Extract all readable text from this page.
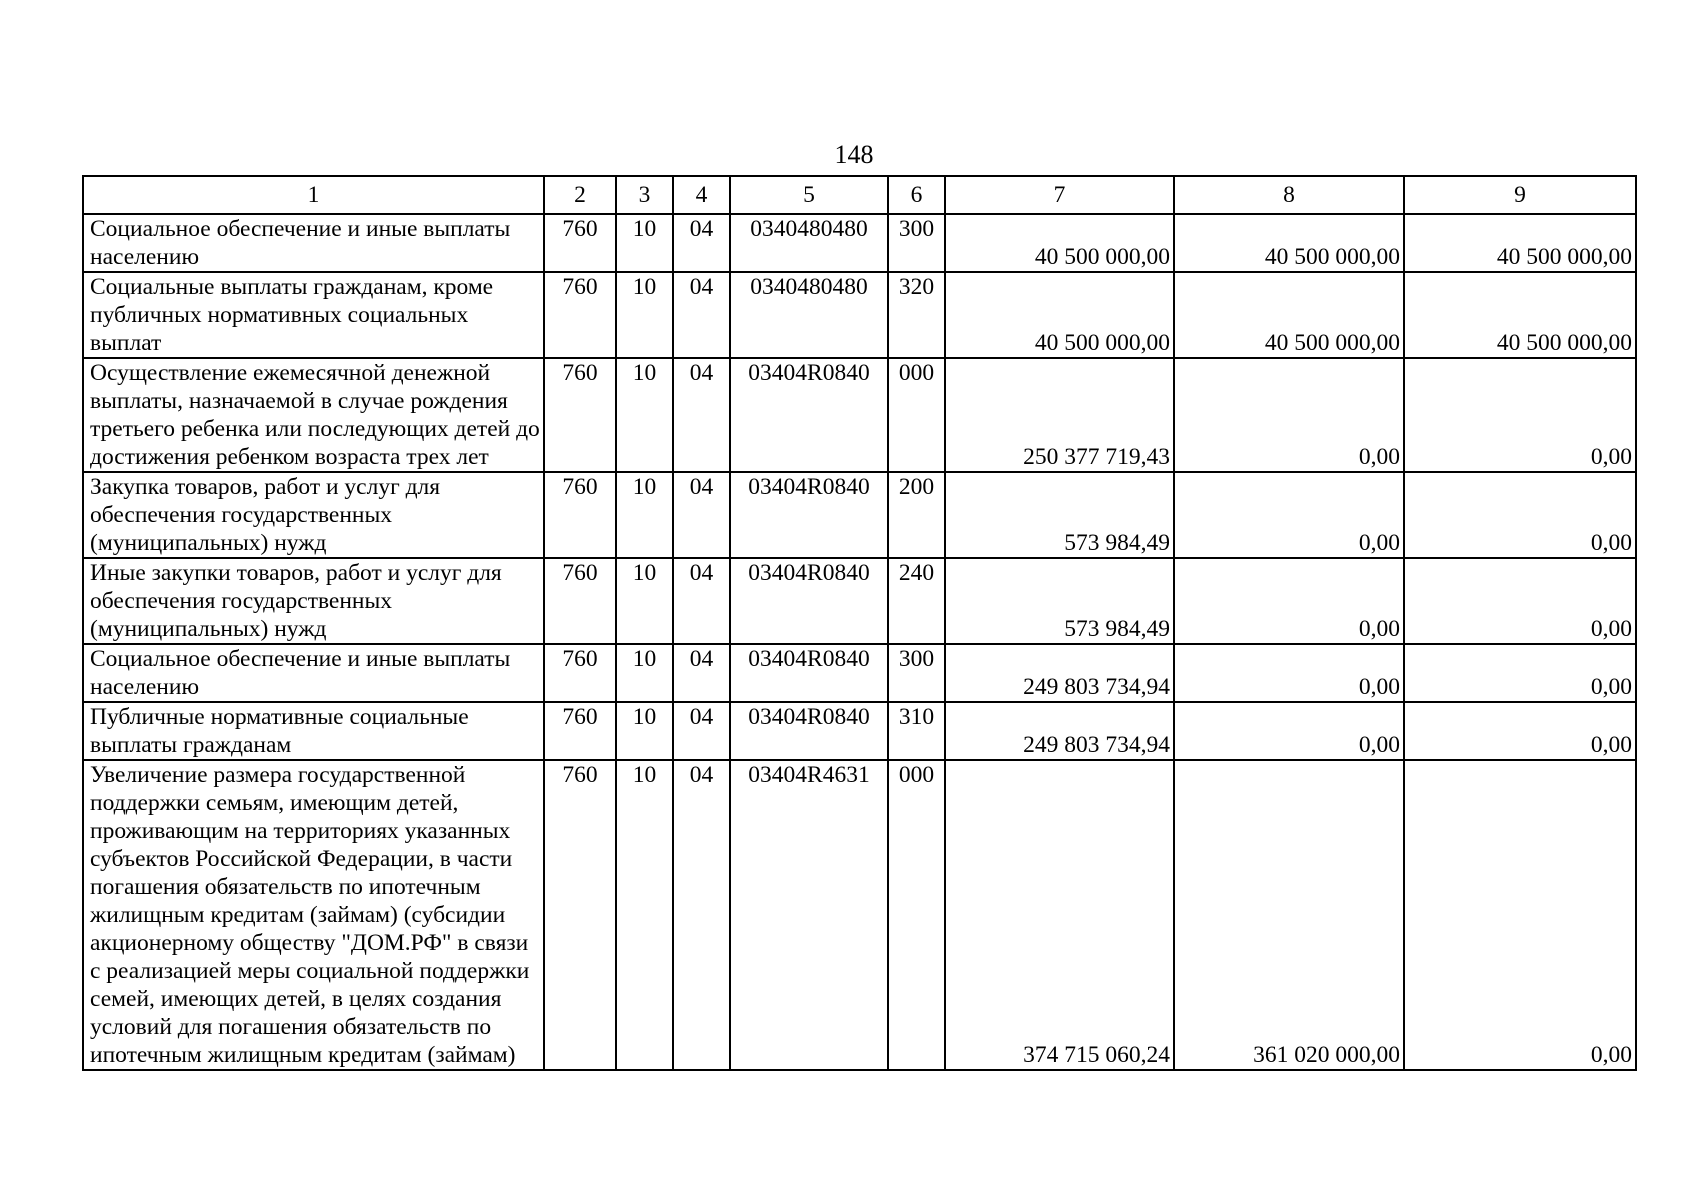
148
1	2	3	4	5	6	7	8	9
Социальное обеспечение и иные выплаты населению	760	10	04	0340480480	300	40 500 000,00	40 500 000,00	40 500 000,00
Социальные выплаты гражданам, кроме публичных нормативных социальных выплат	760	10	04	0340480480	320	40 500 000,00	40 500 000,00	40 500 000,00
Осуществление ежемесячной денежной выплаты, назначаемой в случае рождения третьего ребенка или последующих детей до достижения ребенком возраста трех лет	760	10	04	03404R0840	000	250 377 719,43	0,00	0,00
Закупка товаров, работ и услуг для обеспечения государственных (муниципальных) нужд	760	10	04	03404R0840	200	573 984,49	0,00	0,00
Иные закупки товаров, работ и услуг для обеспечения государственных (муниципальных) нужд	760	10	04	03404R0840	240	573 984,49	0,00	0,00
Социальное обеспечение и иные выплаты населению	760	10	04	03404R0840	300	249 803 734,94	0,00	0,00
Публичные нормативные социальные выплаты гражданам	760	10	04	03404R0840	310	249 803 734,94	0,00	0,00
Увеличение размера государственной поддержки семьям, имеющим детей, проживающим на территориях указанных субъектов Российской Федерации, в части погашения обязательств по ипотечным жилищным кредитам (займам) (субсидии акционерному обществу "ДОМ.РФ" в связи с реализацией меры социальной поддержки семей, имеющих детей, в целях создания условий для погашения обязательств по ипотечным жилищным кредитам (займам)	760	10	04	03404R4631	000	374 715 060,24	361 020 000,00	0,00
